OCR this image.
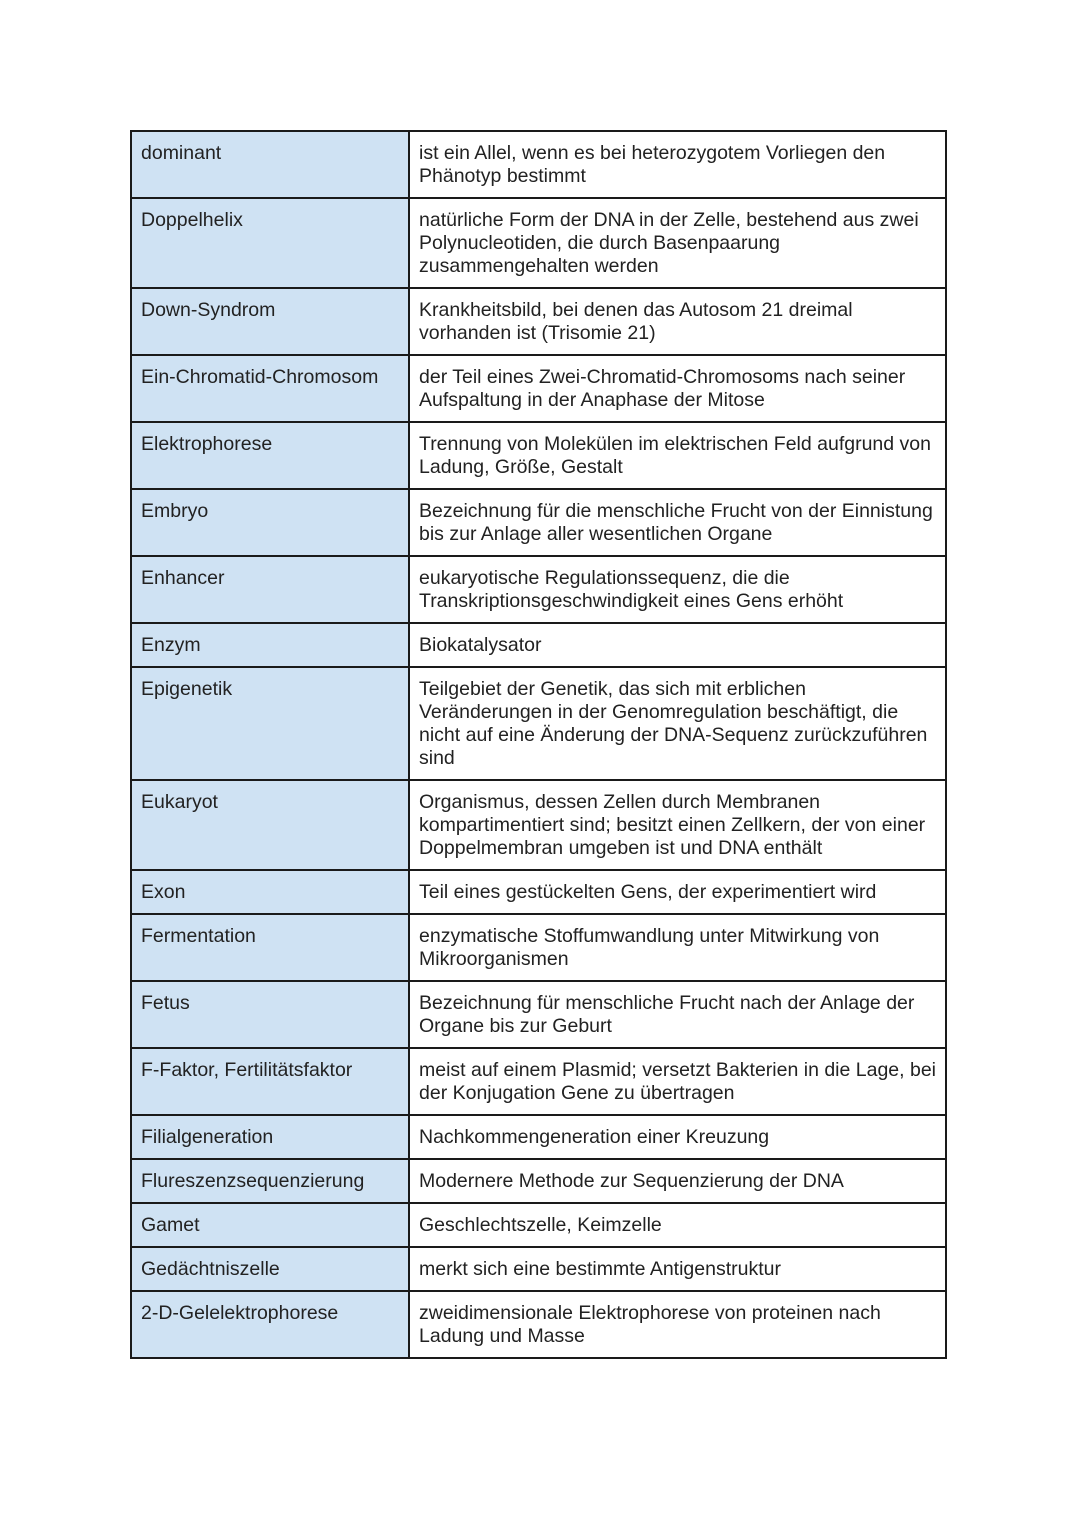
dominant	ist ein Allel, wenn es bei heterozygotem Vorliegen den Phänotyp bestimmt
Doppelhelix	natürliche Form der DNA in der Zelle, bestehend aus zwei Polynucleotiden, die durch Basenpaarung zusammengehalten werden
Down-Syndrom	Krankheitsbild, bei denen das Autosom 21 dreimal vorhanden ist (Trisomie 21)
Ein-Chromatid-Chromosom	der Teil eines Zwei-Chromatid-Chromosoms nach seiner Aufspaltung in der Anaphase der Mitose
Elektrophorese	Trennung von Molekülen im elektrischen Feld aufgrund von Ladung, Größe, Gestalt
Embryo	Bezeichnung für die menschliche Frucht von der Einnistung bis zur Anlage aller wesentlichen Organe
Enhancer	eukaryotische Regulationssequenz, die die Transkriptionsgeschwindigkeit eines Gens erhöht
Enzym	Biokatalysator
Epigenetik	Teilgebiet der Genetik, das sich mit erblichen Veränderungen in der Genomregulation beschäftigt, die nicht auf eine Änderung der DNA-Sequenz zurückzuführen sind
Eukaryot	Organismus, dessen Zellen durch Membranen kompartimentiert sind; besitzt einen Zellkern, der von einer Doppelmembran umgeben ist und DNA enthält
Exon	Teil eines gestückelten Gens, der experimentiert wird
Fermentation	enzymatische Stoffumwandlung unter Mitwirkung von Mikroorganismen
Fetus	Bezeichnung für menschliche Frucht nach der Anlage der Organe bis zur Geburt
F-Faktor, Fertilitätsfaktor	meist auf einem Plasmid; versetzt Bakterien in die Lage, bei der Konjugation Gene zu übertragen
Filialgeneration	Nachkommengeneration einer Kreuzung
Flureszenzsequenzierung	Modernere Methode zur Sequenzierung der DNA
Gamet	Geschlechtszelle, Keimzelle
Gedächtniszelle	merkt sich eine bestimmte Antigenstruktur
2-D-Gelelektrophorese	zweidimensionale Elektrophorese von proteinen nach Ladung und Masse
